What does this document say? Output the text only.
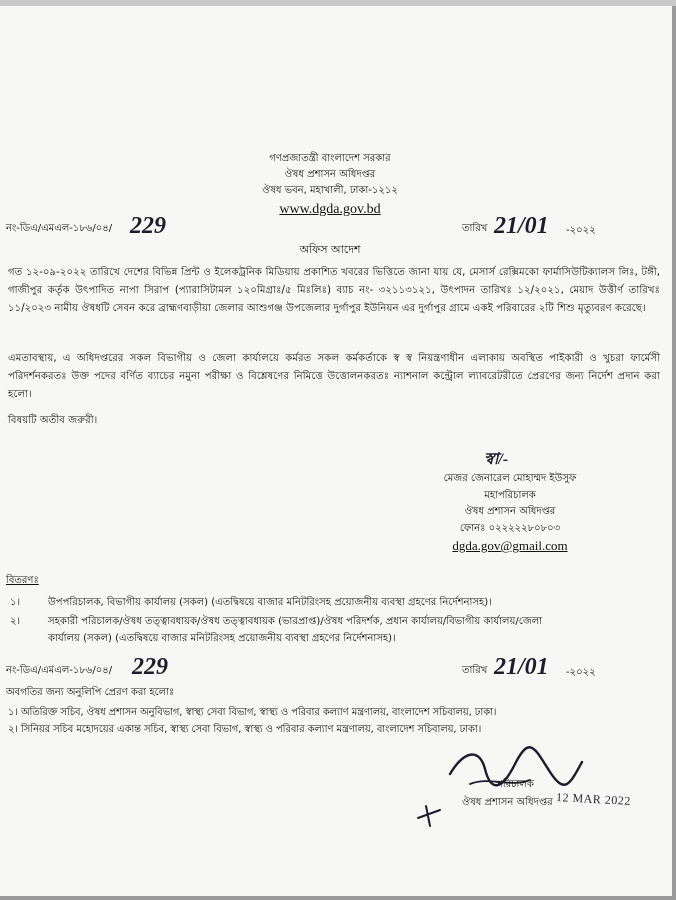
গণপ্রজাতন্ত্রী বাংলাদেশ সরকার
ঔষধ প্রশাসন অধিদপ্তর
ঔষধ ভবন, মহাখালী, ঢাকা-১২১২
www.dgda.gov.bd
নং-ডিএ/এমএল-১৮৬/০৪/ 229	তারিখ 21/01 -২০২২
অফিস আদেশ
গত ১২-০৯-২০২২ তারিখে দেশের বিভিন্ন প্রিন্ট ও ইলেকট্রনিক মিডিয়ায় প্রকাশিত খবরের ভিত্তিতে জানা যায় যে, মেসার্স রেক্সিমকো ফার্মাসিউটিক্যালস লিঃ, টঙ্গী, গাজীপুর কর্তৃক উৎপাদিত নাপা সিরাপ (প্যারাসিটামল ১২০মিগ্রাঃ/৫ মিঃলিঃ) ব্যাচ নং- ৩২১১৩১২১, উৎপাদন তারিখঃ ১২/২০২১, মেয়াদ উত্তীর্ণ তারিখঃ ১১/২০২৩ নামীয় ঔষধটি সেবন করে ব্রাহ্মণবাড়ীয়া জেলার আশুগঞ্জ উপজেলার দুর্গাপুর ইউনিয়ন এর দুর্গাপুর গ্রামে একই পরিবারের ২টি শিশু মৃত্যুবরণ করেছে।
এমতাবস্থায়, এ অধিদপ্তরের সকল বিভাগীয় ও জেলা কার্যালয়ে কর্মরত সকল কর্মকর্তাকে স্ব স্ব নিয়ন্ত্রণাধীন এলাকায় অবস্থিত পাইকারী ও খুচরা ফার্মেসী পরিদর্শনকরতঃ উক্ত পদের বর্ণিত ব্যাচের নমুনা পরীক্ষা ও বিশ্লেষণের নিমিত্তে উত্তোলনকরতঃ ন্যাশনাল কন্ট্রোল ল্যাবরেটরীতে প্রেরণের জন্য নির্দেশ প্রদান করা হলো।
বিষয়টি অতীব জরুরী।
স্বা/-
মেজর জেনারেল মোহাম্মদ ইউসুফ
মহাপরিচালক
ঔষধ প্রশাসন অধিদপ্তর
ফোনঃ ০২২২২২৮০৮০৩
dgda.gov@gmail.com
বিতরণঃ
১।	উপপরিচালক, বিভাগীয় কার্যালয় (সকল) (এতদ্বিষয়ে বাজার মনিটরিংসহ প্রয়োজনীয় ব্যবস্থা গ্রহণের নির্দেশনাসহ)।
২।	সহকারী পরিচালক/ঔষধ তত্ত্বাবধায়ক/ঔষধ তত্ত্বাবধায়ক (ভারপ্রাপ্ত)/ঔষধ পরিদর্শক, প্রধান কার্যালয়/বিভাগীয় কার্যালয়/জেলা
কার্যালয় (সকল) (এতদ্বিষয়ে বাজার মনিটরিংসহ প্রয়োজনীয় ব্যবস্থা গ্রহণের নির্দেশনাসহ)।
নং-ডিএ/এমএল-১৮৬/০৪/ 229	তারিখ 21/01 -২০২২
অবগতির জন্য অনুলিপি প্রেরণ করা হলোঃ
১। অতিরিক্ত সচিব, ঔষধ প্রশাসন অনুবিভাগ, স্বাস্থ্য সেবা বিভাগ, স্বাস্থ্য ও পরিবার কল্যাণ মন্ত্রণালয়, বাংলাদেশ সচিবালয়, ঢাকা।
২। সিনিয়র সচিব মহোদয়ের একান্ত সচিব, স্বাস্থ্য সেবা বিভাগ, স্বাস্থ্য ও পরিবার কল্যাণ মন্ত্রণালয়, বাংলাদেশ সচিবালয়, ঢাকা।
পরিচালক
ঔষধ প্রশাসন অধিদপ্তর 12 MAR 2022
